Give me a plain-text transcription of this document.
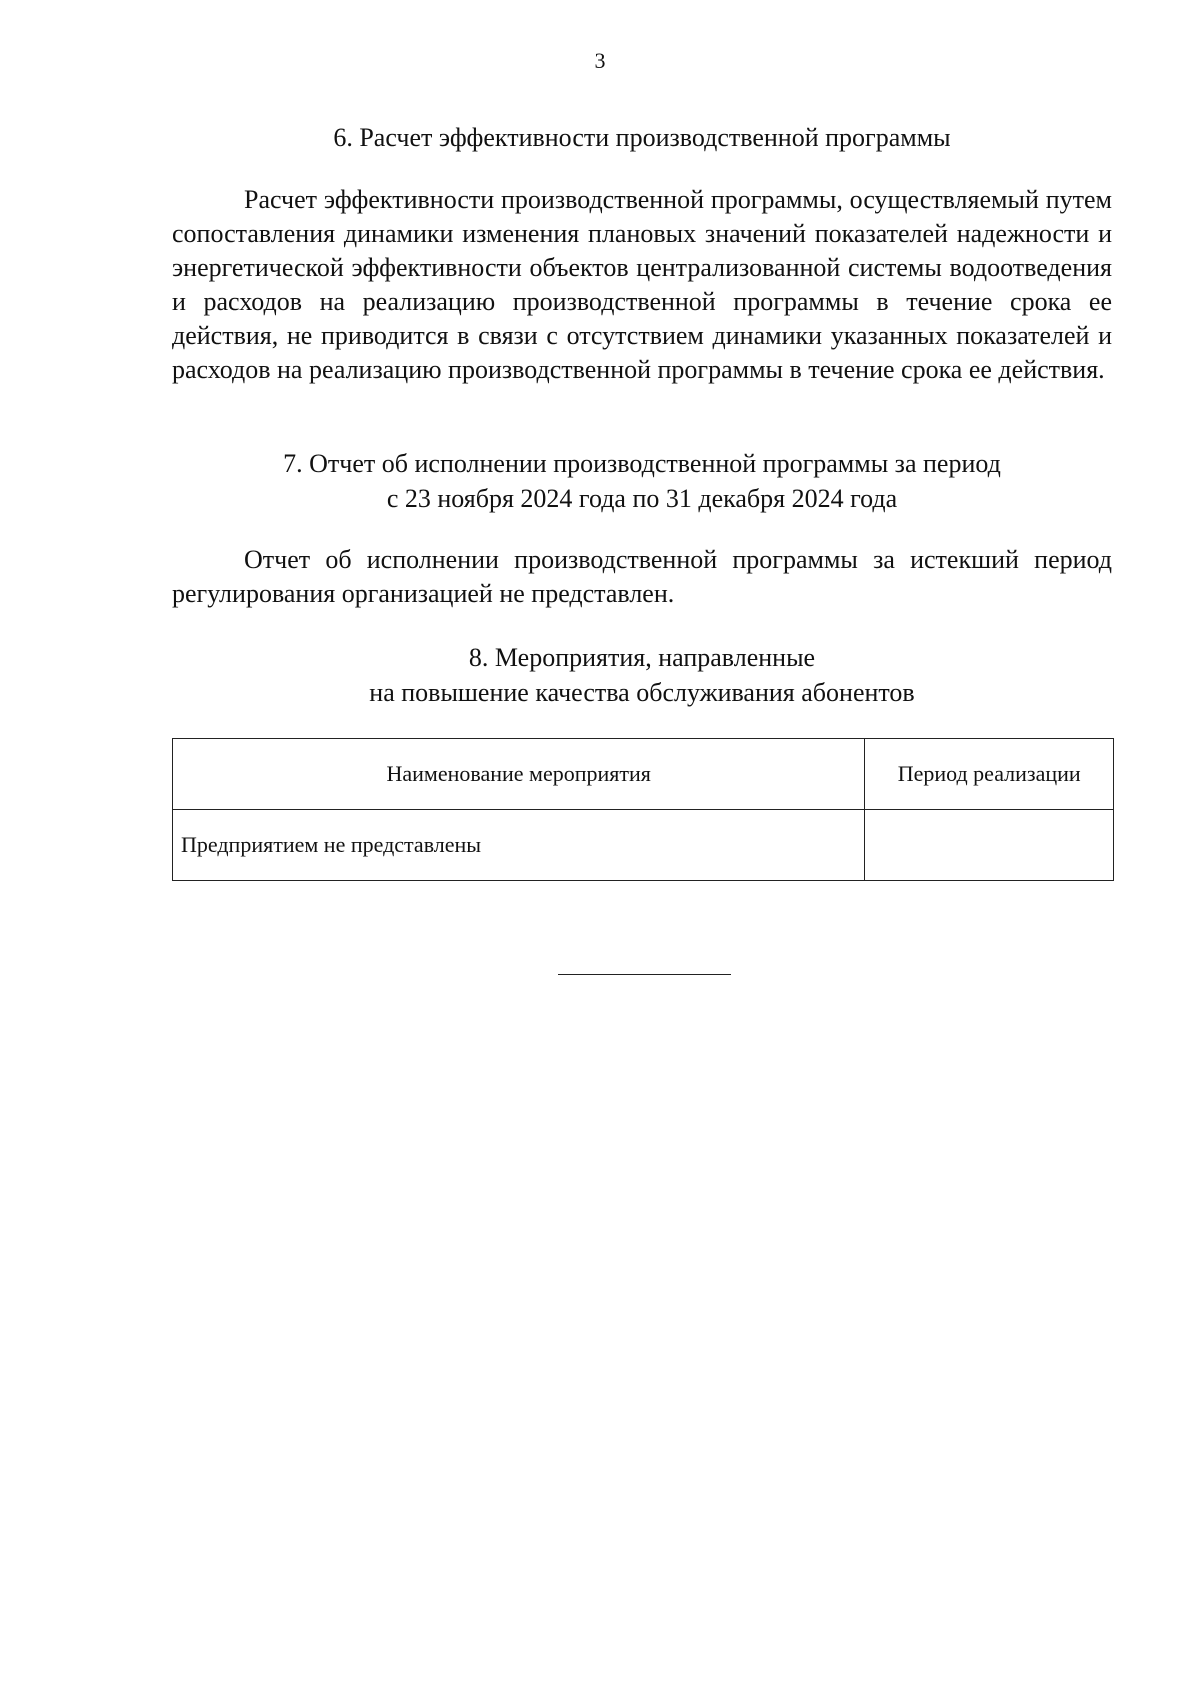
3
6. Расчет эффективности производственной программы

Расчет эффективности производственной программы, осуществляемый путем сопоставления динамики изменения плановых значений показателей надежности и энергетической эффективности объектов централизованной системы водоотведения и расходов на реализацию производственной программы в течение срока ее действия, не приводится в связи с отсутствием динамики указанных показателей и расходов на реализацию производственной программы в течение срока ее действия.

7. Отчет об исполнении производственной программы за период
с 23 ноября 2024 года по 31 декабря 2024 года

Отчет об исполнении производственной программы за истекший период регулирования организацией не представлен.

8. Мероприятия, направленные
на повышение качества обслуживания абонентов
Наименование мероприятия	Период реализации
Предприятием не представлены	
